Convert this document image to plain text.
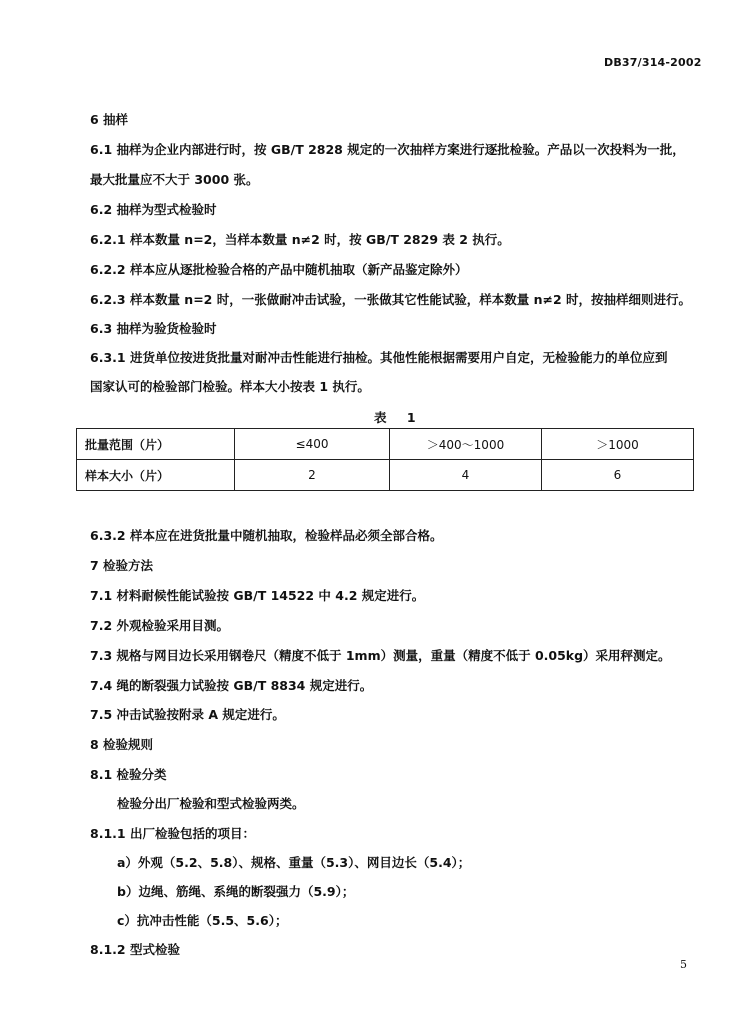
DB37/314-2002
6 抽样
6.1 抽样为企业内部进行时，按 GB/T 2828 规定的一次抽样方案进行逐批检验。产品以一次投料为一批，
最大批量应不大于 3000 张。
6.2 抽样为型式检验时
6.2.1 样本数量 n=2，当样本数量 n≠2 时，按 GB/T 2829 表 2 执行。
6.2.2 样本应从逐批检验合格的产品中随机抽取（新产品鉴定除外）
6.2.3 样本数量 n=2 时，一张做耐冲击试验，一张做其它性能试验，样本数量 n≠2 时，按抽样细则进行。
6.3 抽样为验货检验时
6.3.1 进货单位按进货批量对耐冲击性能进行抽检。其他性能根据需要用户自定，无检验能力的单位应到
国家认可的检验部门检验。样本大小按表 1 执行。
表 1
批量范围（片）	≤400	＞400～1000	＞1000
样本大小（片）	2	4	6
6.3.2 样本应在进货批量中随机抽取，检验样品必须全部合格。
7 检验方法
7.1 材料耐候性能试验按 GB/T 14522 中 4.2 规定进行。
7.2 外观检验采用目测。
7.3 规格与网目边长采用钢卷尺（精度不低于 1mm）测量，重量（精度不低于 0.05kg）采用秤测定。
7.4 绳的断裂强力试验按 GB/T 8834 规定进行。
7.5 冲击试验按附录 A 规定进行。
8 检验规则
8.1 检验分类
检验分出厂检验和型式检验两类。
8.1.1 出厂检验包括的项目：
a）外观（5.2、5.8）、规格、重量（5.3）、网目边长（5.4）；
b）边绳、筋绳、系绳的断裂强力（5.9）；
c）抗冲击性能（5.5、5.6）；
8.1.2 型式检验
5
